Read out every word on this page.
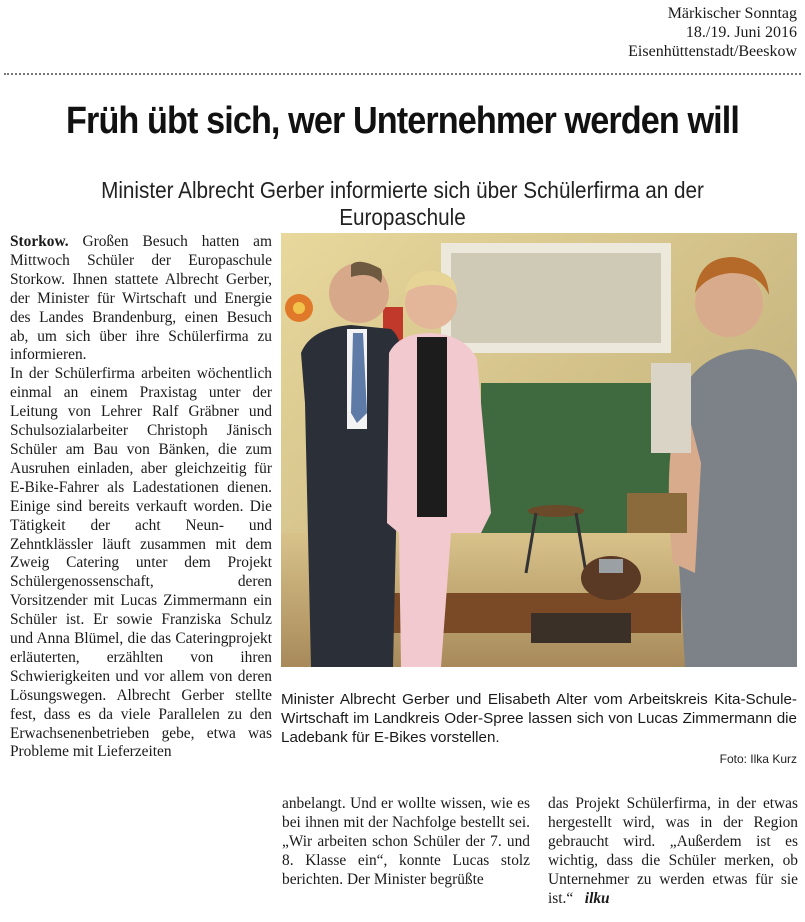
Märkischer Sonntag
18./19. Juni 2016
Eisenhüttenstadt/Beeskow
Früh übt sich, wer Unternehmer werden will
Minister Albrecht Gerber informierte sich über Schülerfirma an der Europaschule
Storkow. Großen Besuch hatten am Mittwoch Schüler der Europaschule Storkow. Ihnen stattete Albrecht Gerber, der Minister für Wirtschaft und Energie des Landes Brandenburg, einen Besuch ab, um sich über ihre Schülerfirma zu informieren.
In der Schülerfirma arbeiten wöchentlich einmal an einem Praxistag unter der Leitung von Lehrer Ralf Gräbner und Schulsozialarbeiter Christoph Jänisch Schüler am Bau von Bänken, die zum Ausruhen einladen, aber gleichzeitig für E-Bike-Fahrer als Ladestationen dienen. Einige sind bereits verkauft worden. Die Tätigkeit der acht Neun- und Zehntklässler läuft zusammen mit dem Zweig Catering unter dem Projekt Schülergenossenschaft, deren Vorsitzender mit Lucas Zimmermann ein Schüler ist. Er sowie Franziska Schulz und Anna Blümel, die das Cateringprojekt erläuterten, erzählten von ihren Schwierigkeiten und vor allem von deren Lösungswegen. Albrecht Gerber stellte fest, dass es da viele Parallelen zu den Erwachsenenbetrieben gebe, etwa was Probleme mit Lieferzeiten
Minister Albrecht Gerber und Elisabeth Alter vom Arbeitskreis Kita-Schule-Wirtschaft im Landkreis Oder-Spree lassen sich von Lucas Zimmermann die Ladebank für E-Bikes vorstellen.
Foto: Ilka Kurz
anbelangt. Und er wollte wissen, wie es bei ihnen mit der Nachfolge bestellt sei. „Wir arbeiten schon Schüler der 7. und 8. Klasse ein“, konnte Lucas stolz berichten. Der Minister begrüßte
das Projekt Schülerfirma, in der etwas hergestellt wird, was in der Region gebraucht wird. „Außerdem ist es wichtig, dass die Schüler merken, ob Unternehmer zu werden etwas für sie ist.“   ilku
